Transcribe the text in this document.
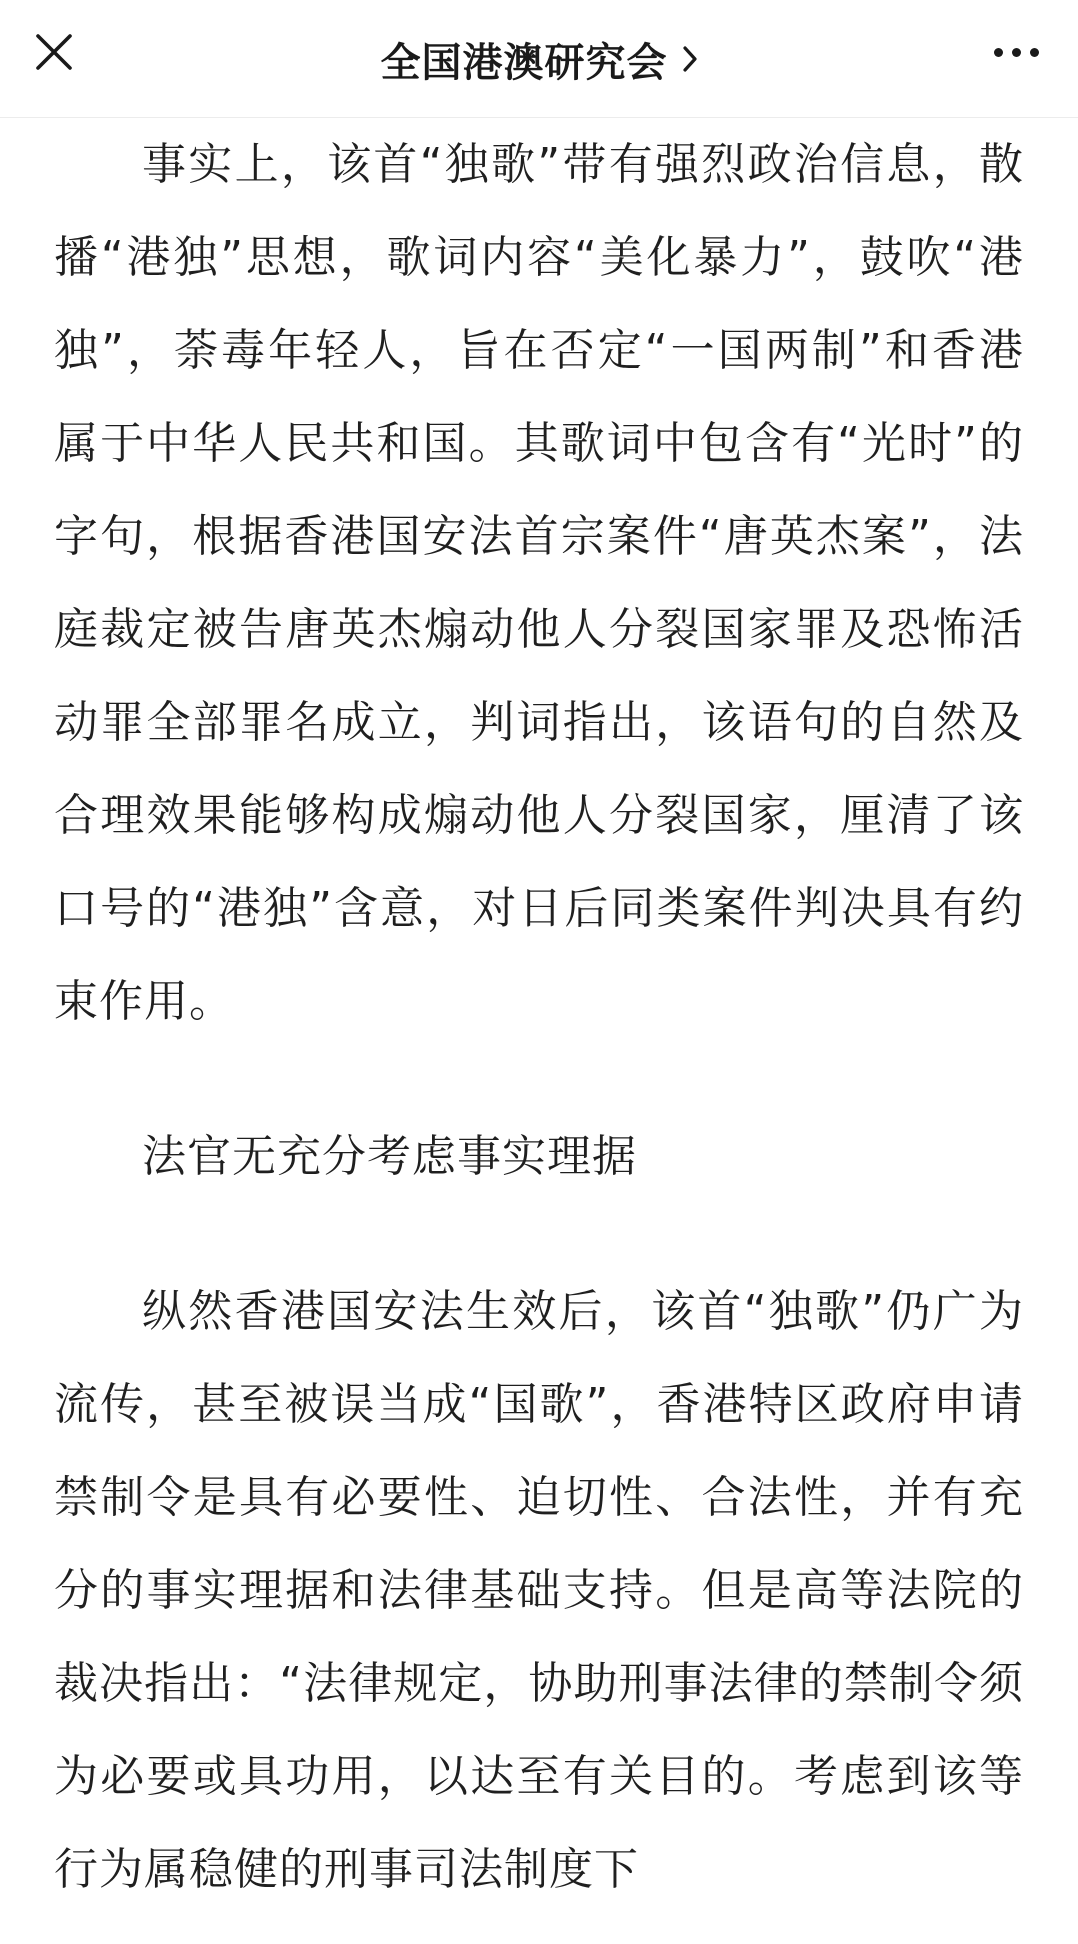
全国港澳研究会

事实上，该首“独歌”带有强烈政治信息，散播“港独”思想，歌词内容“美化暴力”，鼓吹“港独”，荼毒年轻人，旨在否定“一国两制”和香港属于中华人民共和国。其歌词中包含有“光时”的字句，根据香港国安法首宗案件“唐英杰案”，法庭裁定被告唐英杰煽动他人分裂国家罪及恐怖活动罪全部罪名成立，判词指出，该语句的自然及合理效果能够构成煽动他人分裂国家，厘清了该口号的“港独”含意，对日后同类案件判决具有约束作用。

法官无充分考虑事实理据

纵然香港国安法生效后，该首“独歌”仍广为流传，甚至被误当成“国歌”，香港特区政府申请禁制令是具有必要性、迫切性、合法性，并有充分的事实理据和法律基础支持。但是高等法院的裁决指出：“法律规定，协助刑事法律的禁制令须为必要或具功用，以达至有关目的。考虑到该等行为属稳健的刑事司法制度下
